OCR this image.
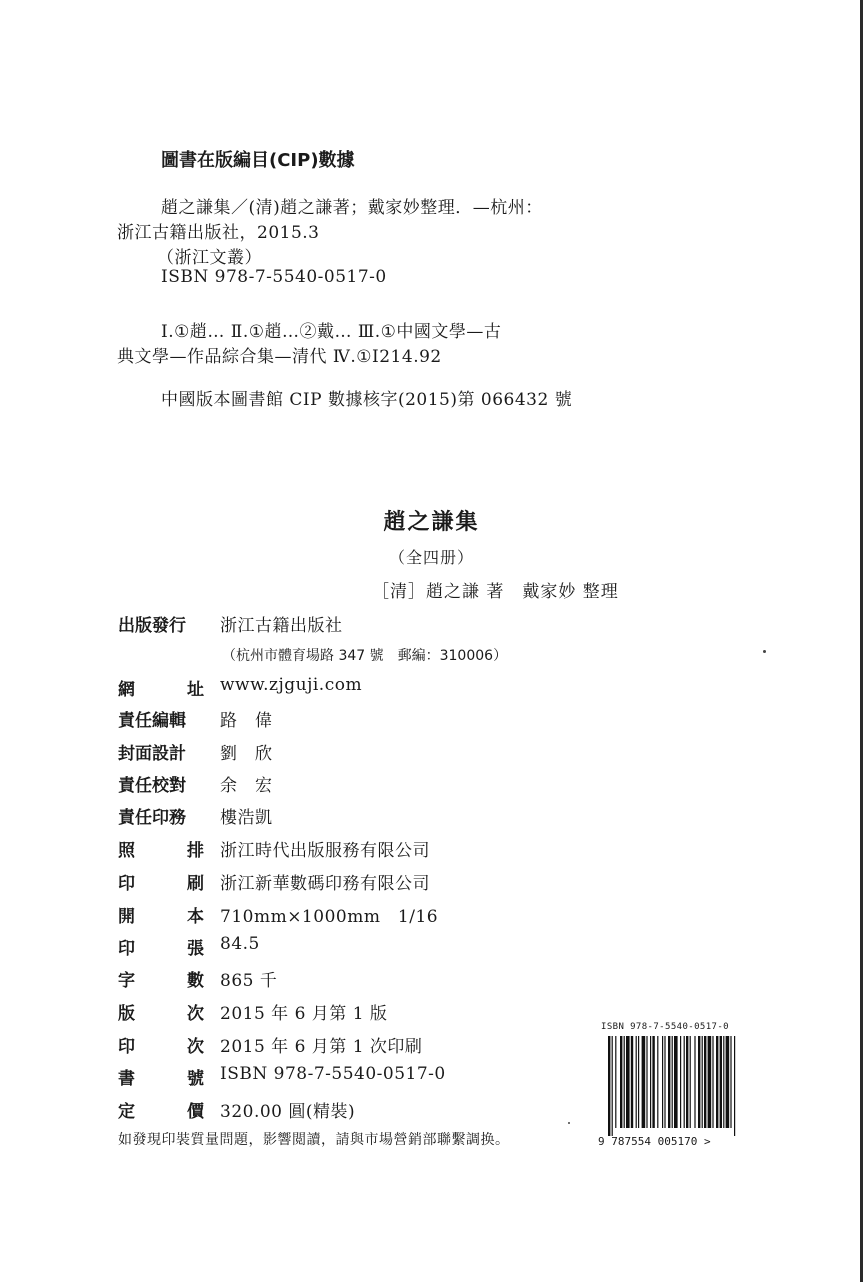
圖書在版編目(CIP)數據
趙之謙集／(清)趙之謙著；戴家妙整理．—杭州：
浙江古籍出版社，2015.3
（浙江文叢）
ISBN 978-7-5540-0517-0
Ⅰ.①趙… Ⅱ.①趙…②戴… Ⅲ.①中國文學—古
典文學—作品綜合集—清代 Ⅳ.①I214.92
中國版本圖書館 CIP 數據核字(2015)第 066432 號
趙之謙集
（全四册）
［清］趙之謙 著　戴家妙 整理
出版發行	浙江古籍出版社
（杭州市體育場路 347 號　郵編：310006）
網	址 www.zjguji.com
責任編輯	路　偉
封面設計	劉　欣
責任校對	余　宏
責任印務	樓浩凱
照	排 浙江時代出版服務有限公司
印	刷 浙江新華數碼印務有限公司
開	本 710mm×1000mm　1/16
印	張 84.5
字	數 865 千
版	次 2015 年 6 月第 1 版
印	次 2015 年 6 月第 1 次印刷
書	號 ISBN 978-7-5540-0517-0
定	價 320.00 圓(精裝)
如發現印裝質量問題，影響閲讀，請與市場營銷部聯繫調换。
ISBN 978-7-5540-0517-0
9 787554 005170 >
